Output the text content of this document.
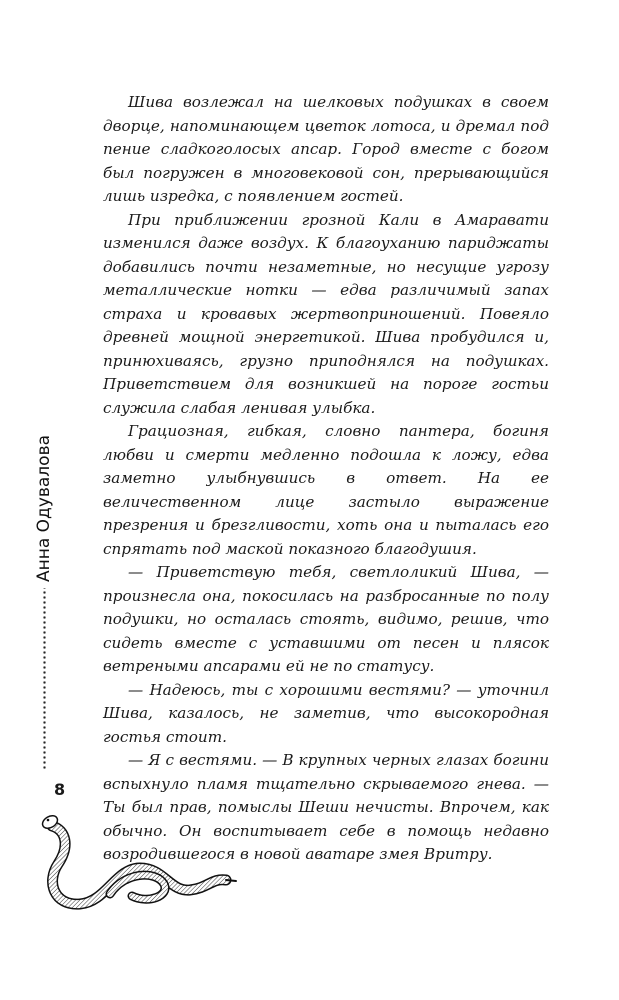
Анна Одувалова
8

Шива возлежал на шелковых подушках в своем дворце, напоминающем цветок лотоса, и дремал под пение сладкоголосых апсар. Город вместе с богом был погружен в многовековой сон, прерывающийся лишь изредка, с появлением гостей.

При приближении грозной Кали в Амаравати изменился даже воздух. К благоуханию париджаты добавились почти незаметные, но несущие угрозу металлические нотки — едва различимый запах страха и кровавых жертвоприношений. Повеяло древней мощной энергетикой. Шива пробудился и, принюхиваясь, грузно приподнялся на подушках. Приветствием для возникшей на пороге гостьи служила слабая ленивая улыбка.

Грациозная, гибкая, словно пантера, богиня любви и смерти медленно подошла к ложу, едва заметно улыбнувшись в ответ. На ее величественном лице застыло выражение презрения и брезгливости, хоть она и пыталась его спрятать под маской показного благодушия.

— Приветствую тебя, светлоликий Шива, — произнесла она, покосилась на разбросанные по полу подушки, но осталась стоять, видимо, решив, что сидеть вместе с уставшими от песен и плясок ветреными апсарами ей не по статусу.

— Надеюсь, ты с хорошими вестями? — уточнил Шива, казалось, не заметив, что высокородная гостья стоит.

— Я с вестями. — В крупных черных глазах богини вспыхнуло пламя тщательно скрываемого гнева. — Ты был прав, помыслы Шеши нечисты. Впрочем, как обычно. Он воспитывает себе в помощь недавно возродившегося в новой аватаре змея Вритру.
